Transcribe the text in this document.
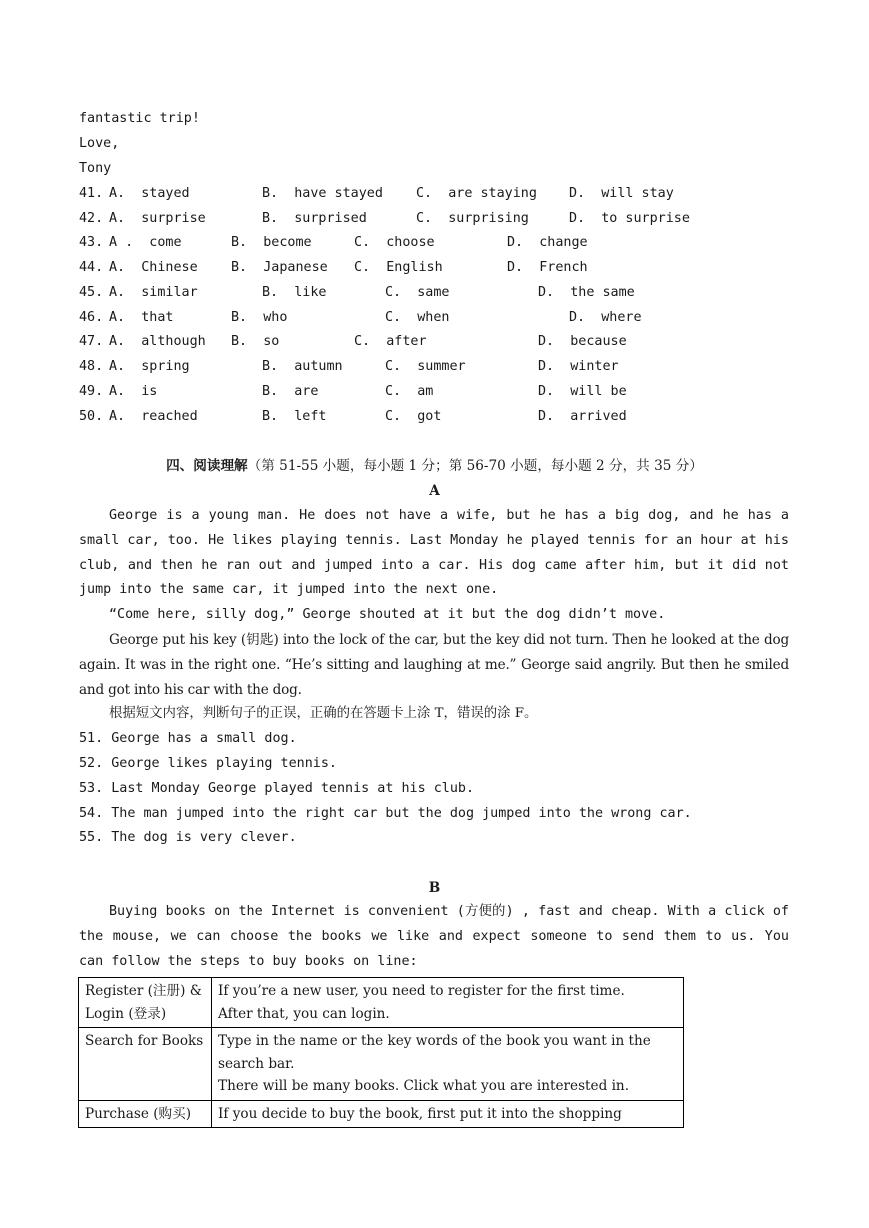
fantastic trip!
Love,
Tony
41. A.  stayed	B.  have stayed C.  are staying D.  will stay
42. A.  surprise	B.  surprised	C.  surprising	D.  to surprise
43. A .  come	B.  become	C.  choose	D.  change
44. A.  Chinese B.  Japanese C.  English	D.  French
45. A.  similar	B.  like	C.  same	D.  the same
46. A.  that	B.  who	C.  when	D.  where
47. A.  although B.  so	C.  after	D.  because
48. A.  spring	B.  autumn	C.  summer	D.  winter
49. A.  is	B.  are	C.  am	D.  will be
50. A.  reached	B.  left	C.  got	D.  arrived
四、阅读理解（第 51-55 小题，每小题 1 分；第 56-70 小题，每小题 2 分，共 35 分）
A

George is a young man. He does not have a wife, but he has a big dog, and he has a small car, too. He likes playing tennis. Last Monday he played tennis for an hour at his club, and then he ran out and jumped into a car. His dog came after him, but it did not jump into the same car, it jumped into the next one.

“Come here, silly dog,” George shouted at it but the dog didn’t move.

George put his key (钥匙) into the lock of the car, but the key did not turn. Then he looked at the dog again. It was in the right one. “He’s sitting and laughing at me.” George said angrily. But then he smiled and got into his car with the dog.

根据短文内容，判断句子的正误，正确的在答题卡上涂 T，错误的涂 F。

51. George has a small dog.

52. George likes playing tennis.

53. Last Monday George played tennis at his club.

54. The man jumped into the right car but the dog jumped into the wrong car.

55. The dog is very clever.

B

Buying books on the Internet is convenient (方便的) , fast and cheap. With a click of the mouse, we can choose the books we like and expect someone to send them to us. You can follow the steps to buy books on line:

Register (注册) & Login (登录)	If you’re a new user, you need to register for the first time.
After that, you can login.

Search for Books	Type in the name or the key words of the book you want in the search bar.
There will be many books. Click what you are interested in.

Purchase (购买)	If you decide to buy the book, first put it into the shopping
